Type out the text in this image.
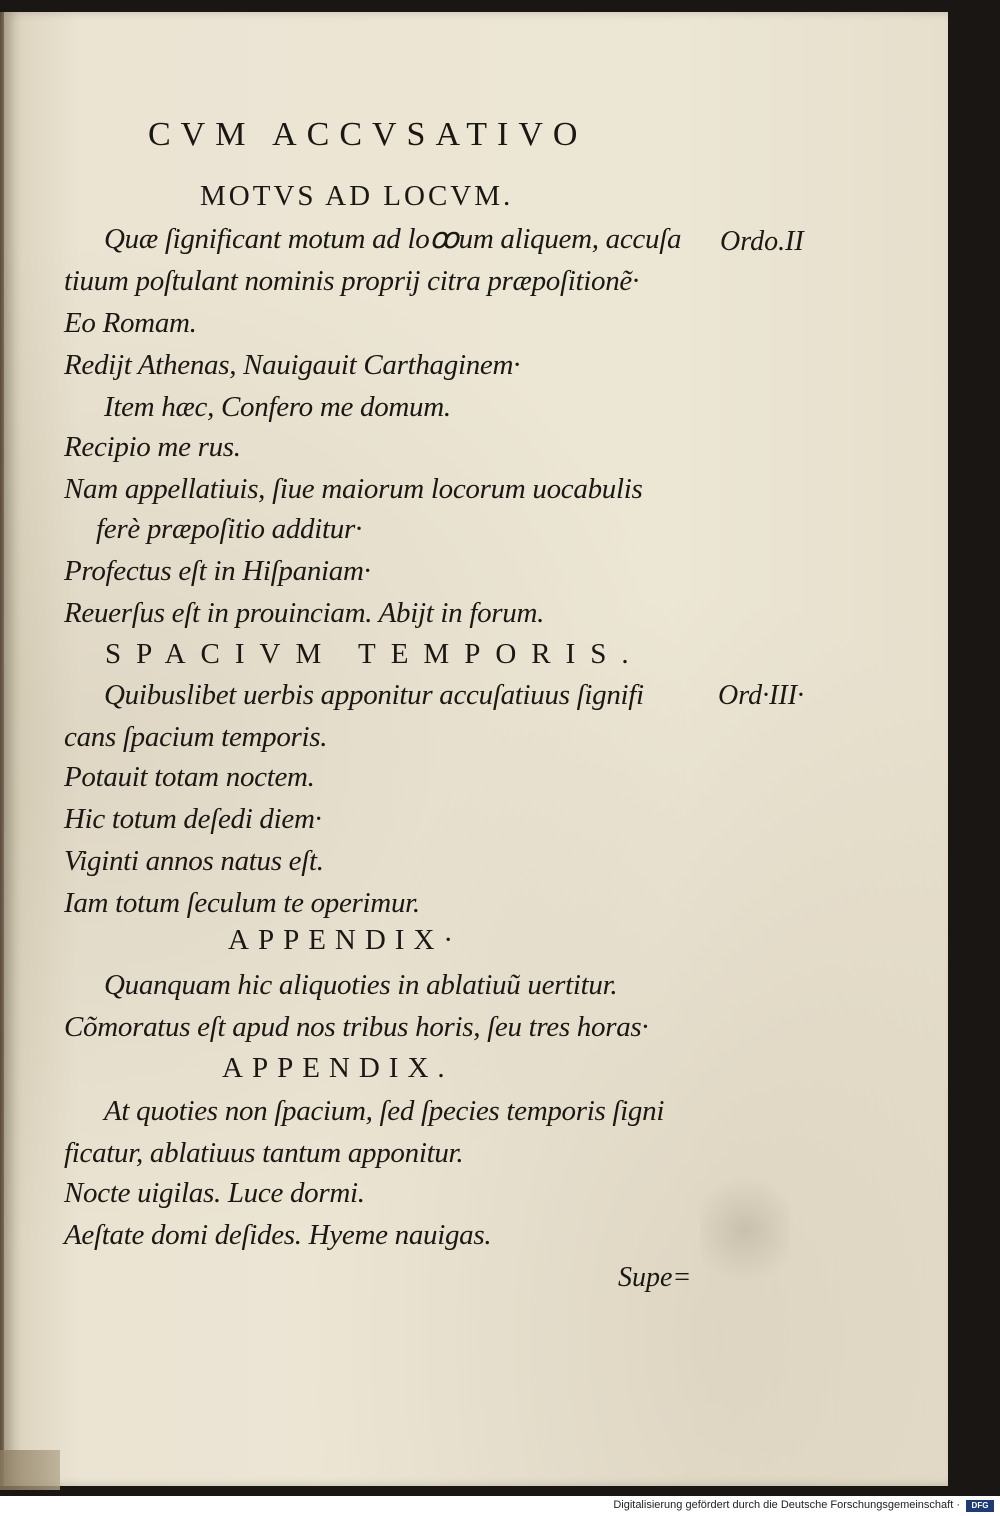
CVM ACCVSATIVO
MOTVS AD LOCVM.
Quæ ſignificant motum ad loꝏum aliquem, accuſa Ordo.II
tiuum poſtulant nominis proprij citra præpoſitionẽ·
Eo Romam.
Redijt Athenas, Nauigauit Carthaginem·
Item hæc, Confero me domum.
Recipio me rus.
Nam appellatiuis, ſiue maiorum locorum uocabulis
ferè præpoſitio additur·
Profectus eſt in Hiſpaniam·
Reuerſus eſt in prouinciam. Abijt in forum.
SPACIVM TEMPORIS.
Quibuslibet uerbis apponitur accuſatiuus ſignifi	Ord·III·
cans ſpacium temporis.
Potauit totam noctem.
Hic totum deſedi diem·
Viginti annos natus eſt.
Iam totum ſeculum te operimur.
APPENDIX·
Quanquam hic aliquoties in ablatiuũ uertitur.
Cõmoratus eſt apud nos tribus horis, ſeu tres horas·
APPENDIX.
At quoties non ſpacium, ſed ſpecies temporis ſigni
ficatur, ablatiuus tantum apponitur.
Nocte uigilas. Luce dormi.
Aeſtate domi deſides. Hyeme nauigas.
Supe=
Digitalisierung gefördert durch die Deutsche Forschungsgemeinschaft ·	DFG
